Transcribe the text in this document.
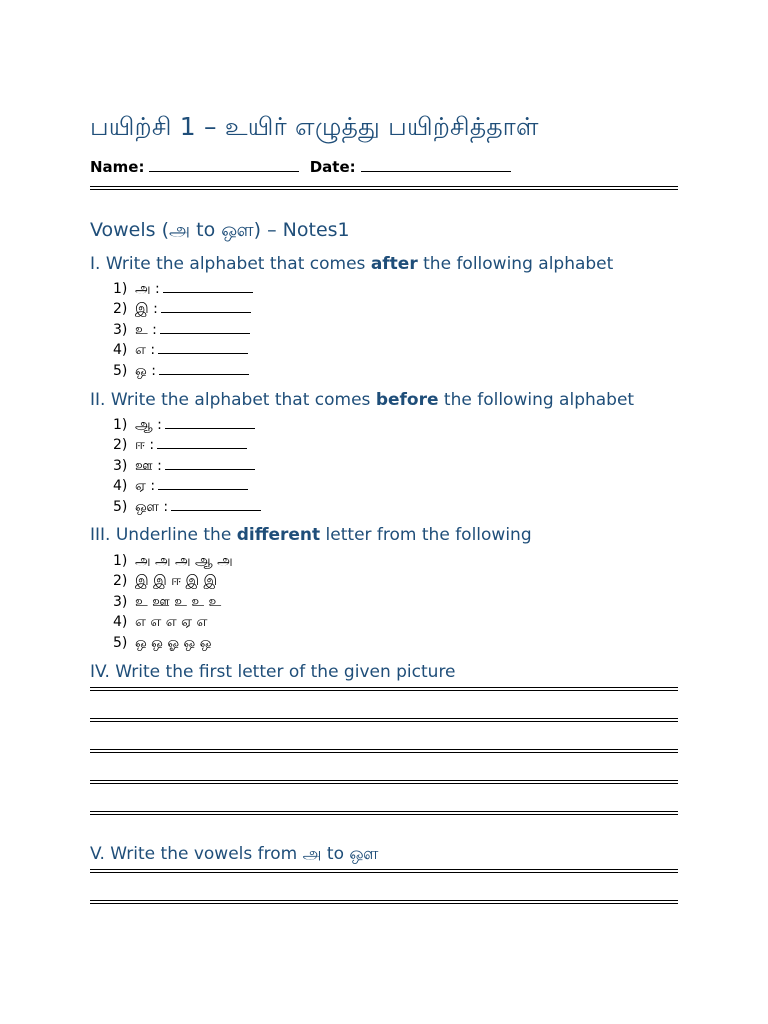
பயிற்சி 1 – உயிர் எழுத்து பயிற்சித்தாள்
Name:	Date:
Vowels (அ to ஔ) – Notes1
I. Write the alphabet that comes after the following alphabet
1) அ :
2) இ :
3) உ :
4) எ :
5) ஒ :
II. Write the alphabet that comes before the following alphabet
1) ஆ :
2) ஈ :
3) ஊ :
4) ஏ :
5) ஔ :
III. Underline the different letter from the following
1) அ அ அ ஆ அ
2) இ இ ஈ இ இ
3) உ ஊ உ உ உ
4) எ எ எ ஏ எ
5) ஒ ஒ ஓ ஒ ஒ
IV. Write the first letter of the given picture
V. Write the vowels from அ to ஔ
